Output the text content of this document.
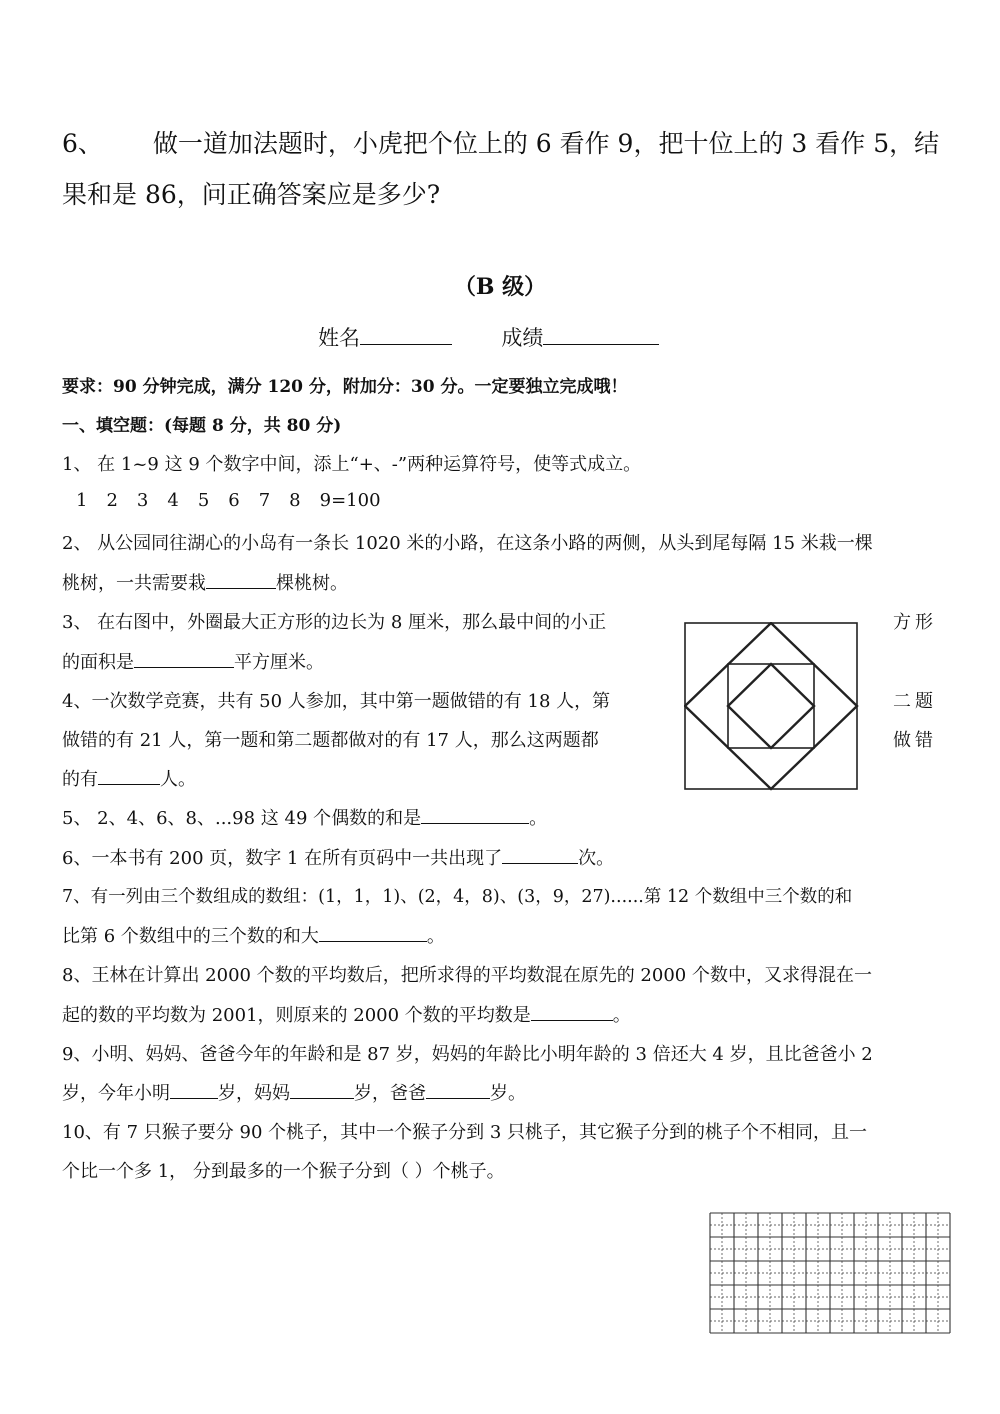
6、 做一道加法题时，小虎把个位上的 6 看作 9，把十位上的 3 看作 5，结
果和是 86，问正确答案应是多少?
（B 级）
姓名	成绩
要求：90 分钟完成，满分 120 分，附加分：30 分。一定要独立完成哦！
一、填空题：(每题 8 分，共 80 分)
1、 在 1~9 这 9 个数字中间，添上“+、-”两种运算符号，使等式成立。
1 2 3 4 5 6 7 8 9=100
2、 从公园同往湖心的小岛有一条长 1020 米的小路，在这条小路的两侧，从头到尾每隔 15 米栽一棵
桃树，一共需要栽	棵桃树。
3、 在右图中，外圈最大正方形的边长为 8 厘米，那么最中间的小正	方形
的面积是	平方厘米。
4、一次数学竞赛，共有 50 人参加，其中第一题做错的有 18 人，第	二题
做错的有 21 人，第一题和第二题都做对的有 17 人，那么这两题都	做错
的有	人。
5、 2、4、6、8、...98 这 49 个偶数的和是	。
6、一本书有 200 页，数字 1 在所有页码中一共出现了	次。
7、有一列由三个数组成的数组：(1，1，1)、(2，4，8)、(3，9，27)......第 12 个数组中三个数的和
比第 6 个数组中的三个数的和大	。
8、王林在计算出 2000 个数的平均数后，把所求得的平均数混在原先的 2000 个数中，又求得混在一
起的数的平均数为 2001，则原来的 2000 个数的平均数是	。
9、小明、妈妈、爸爸今年的年龄和是 87 岁，妈妈的年龄比小明年龄的 3 倍还大 4 岁，且比爸爸小 2
岁，今年小明	岁，妈妈	岁，爸爸	岁。
10、有 7 只猴子要分 90 个桃子，其中一个猴子分到 3 只桃子，其它猴子分到的桃子个不相同，且一
个比一个多 1， 分到最多的一个猴子分到（ ）个桃子。
